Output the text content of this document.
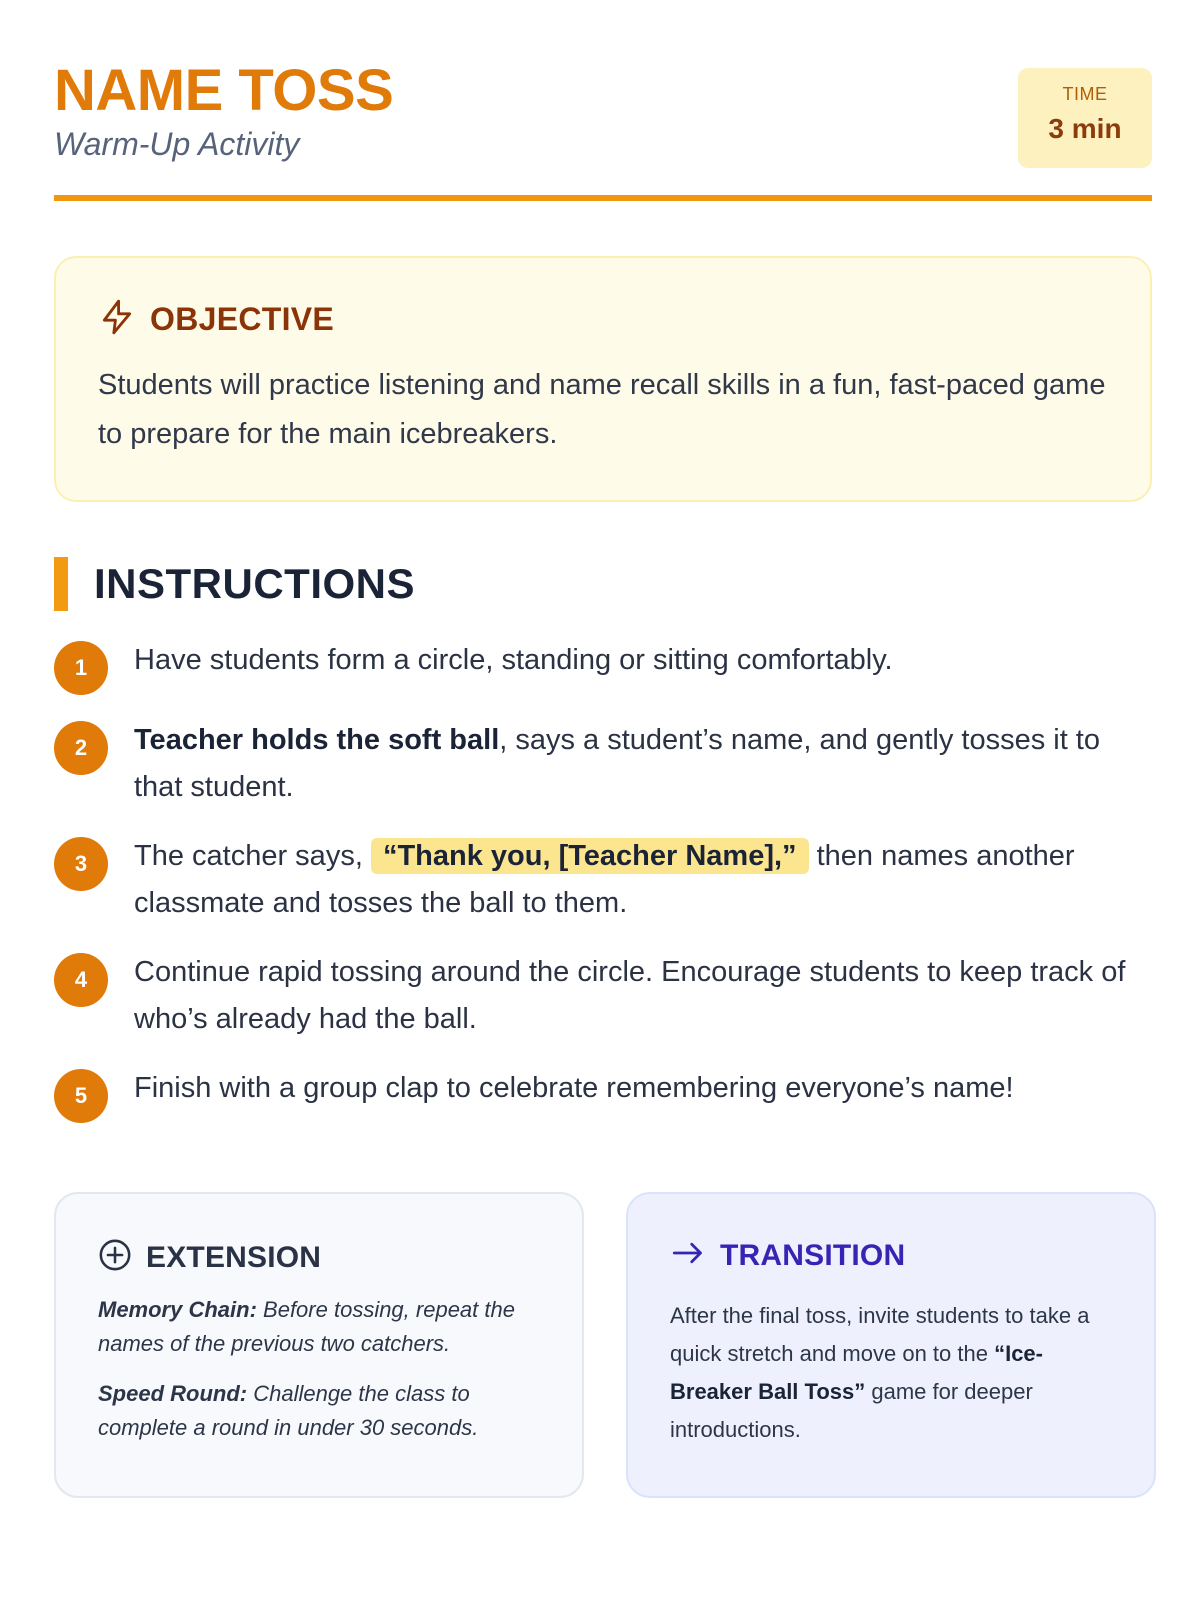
NAME TOSS
Warm-Up Activity
TIME
3 min
OBJECTIVE

Students will practice listening and name recall skills in a fun, fast-paced game to prepare for the main icebreakers.

INSTRUCTIONS
1	Have students form a circle, standing or sitting comfortably.
2	Teacher holds the soft ball, says a student’s name, and gently tosses it to that student.
3	The catcher says, “Thank you, [Teacher Name],” then names another classmate and tosses the ball to them.
4	Continue rapid tossing around the circle. Encourage students to keep track of who’s already had the ball.
5	Finish with a group clap to celebrate remembering everyone’s name!
EXTENSION

Memory Chain: Before tossing, repeat the names of the previous two catchers.

Speed Round: Challenge the class to complete a round in under 30 seconds.

TRANSITION

After the final toss, invite students to take a quick stretch and move on to the “Ice-Breaker Ball Toss” game for deeper introductions.
